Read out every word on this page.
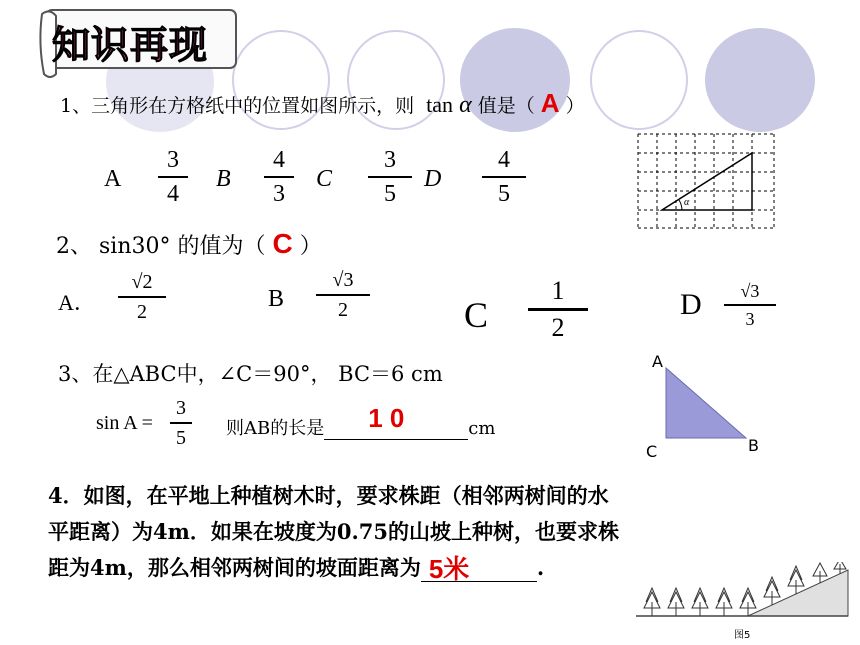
知识再现
1、三角形在方格纸中的位置如图所示，则 tan α 值是（ A ）
A
3
4
B
4
3
C
3
5
D
4
5	α
2、 sin30° 的值为（ C ）
A．
√2
2	B
√3
2	C
1
2
D	√3
3
3、在△ABC中，∠C＝90°， BC＝6 cm
sin A =
3
5	则AB的长是 1 0	cm
A
C	B
4．如图，在平地上种植树木时，要求株距（相邻两树间的水
平距离）为4m．如果在坡度为0.75的山坡上种树，也要求株
距为4m，那么相邻两树间的坡面距离为 5米	.
图5
